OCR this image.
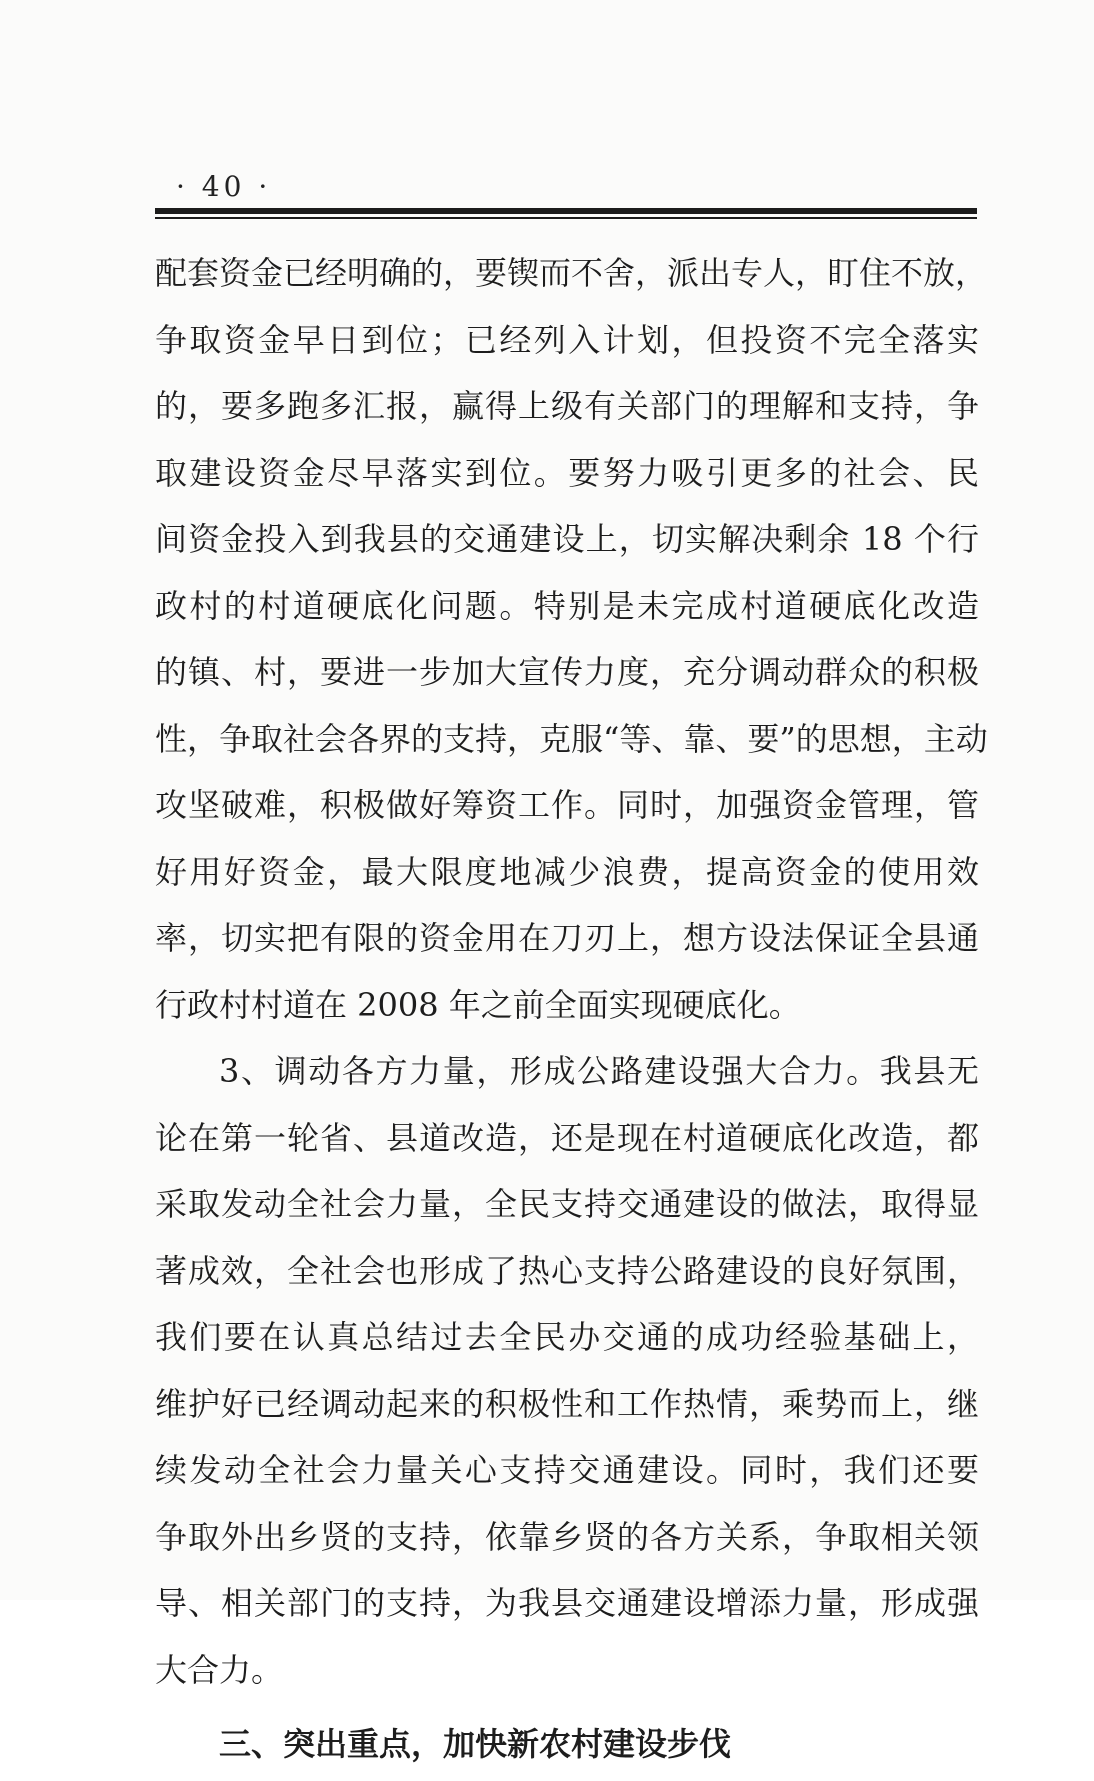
· 40 ·
配套资金已经明确的，要锲而不舍，派出专人，盯住不放，
争取资金早日到位；已经列入计划，但投资不完全落实
的，要多跑多汇报，赢得上级有关部门的理解和支持，争
取建设资金尽早落实到位。要努力吸引更多的社会、民
间资金投入到我县的交通建设上，切实解决剩余 18 个行
政村的村道硬底化问题。特别是未完成村道硬底化改造
的镇、村，要进一步加大宣传力度，充分调动群众的积极
性，争取社会各界的支持，克服“等、靠、要”的思想，主动
攻坚破难，积极做好筹资工作。同时，加强资金管理，管
好用好资金，最大限度地减少浪费，提高资金的使用效
率，切实把有限的资金用在刀刃上，想方设法保证全县通
行政村村道在 2008 年之前全面实现硬底化。
3、调动各方力量，形成公路建设强大合力。我县无
论在第一轮省、县道改造，还是现在村道硬底化改造，都
采取发动全社会力量，全民支持交通建设的做法，取得显
著成效，全社会也形成了热心支持公路建设的良好氛围，
我们要在认真总结过去全民办交通的成功经验基础上，
维护好已经调动起来的积极性和工作热情，乘势而上，继
续发动全社会力量关心支持交通建设。同时，我们还要
争取外出乡贤的支持，依靠乡贤的各方关系，争取相关领
导、相关部门的支持，为我县交通建设增添力量，形成强
大合力。
三、突出重点，加快新农村建设步伐
